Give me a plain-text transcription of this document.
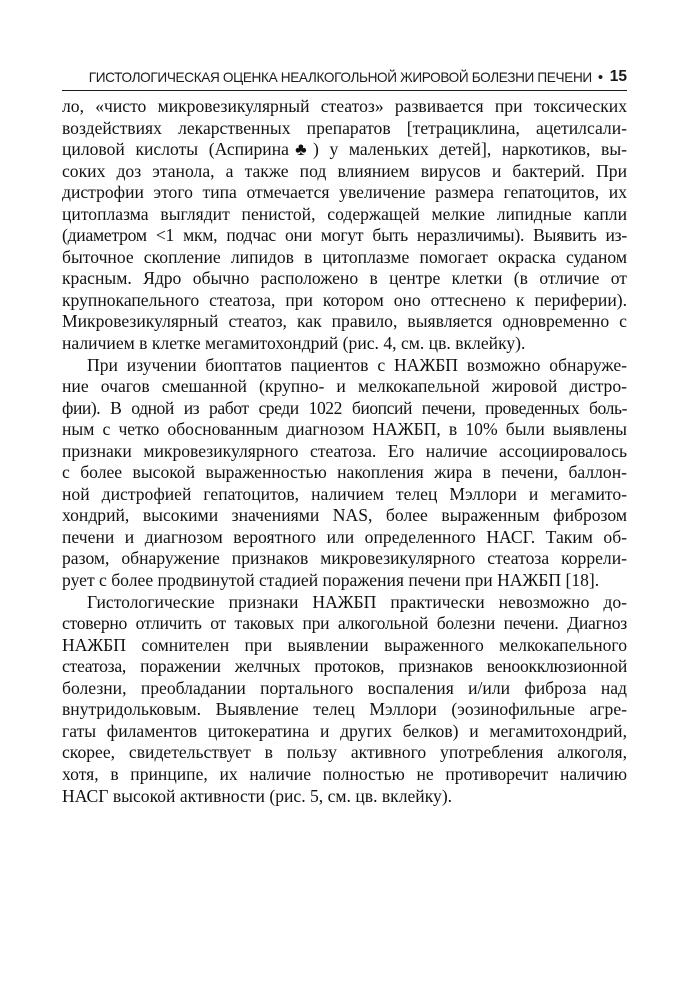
ГИСТОЛОГИЧЕСКАЯ ОЦЕНКА НЕАЛКОГОЛЬНОЙ ЖИРОВОЙ БОЛЕЗНИ ПЕЧЕНИ • 15
ло, «чисто микровезикулярный стеатоз» развивается при токсических
воздействиях лекарственных препаратов [тетрациклина, ацетилсали-
циловой кислоты (Аспирина♣) у маленьких детей], наркотиков, вы-
соких доз этанола, а также под влиянием вирусов и бактерий. При
дистрофии этого типа отмечается увеличение размера гепатоцитов, их
цитоплазма выглядит пенистой, содержащей мелкие липидные капли
(диаметром <1 мкм, подчас они могут быть неразличимы). Выявить из-
быточное скопление липидов в цитоплазме помогает окраска суданом
красным. Ядро обычно расположено в центре клетки (в отличие от
крупнокапельного стеатоза, при котором оно оттеснено к периферии).
Микровезикулярный стеатоз, как правило, выявляется одновременно с
наличием в клетке мегамитохондрий (рис. 4, см. цв. вклейку).
При изучении биоптатов пациентов с НАЖБП возможно обнаруже-
ние очагов смешанной (крупно- и мелкокапельной жировой дистро-
фии). В одной из работ среди 1022 биопсий печени, проведенных боль-
ным с четко обоснованным диагнозом НАЖБП, в 10% были выявлены
признаки микровезикулярного стеатоза. Его наличие ассоциировалось
с более высокой выраженностью накопления жира в печени, баллон-
ной дистрофией гепатоцитов, наличием телец Мэллори и мегамито-
хондрий, высокими значениями NAS, более выраженным фиброзом
печени и диагнозом вероятного или определенного НАСГ. Таким об-
разом, обнаружение признаков микровезикулярного стеатоза коррели-
рует с более продвинутой стадией поражения печени при НАЖБП [18].
Гистологические признаки НАЖБП практически невозможно до-
стоверно отличить от таковых при алкогольной болезни печени. Диагноз
НАЖБП сомнителен при выявлении выраженного мелкокапельного
стеатоза, поражении желчных протоков, признаков веноокклюзионной
болезни, преобладании портального воспаления и/или фиброза над
внутридольковым. Выявление телец Мэллори (эозинофильные агре-
гаты филаментов цитокератина и других белков) и мегамитохондрий,
скорее, свидетельствует в пользу активного употребления алкоголя,
хотя, в принципе, их наличие полностью не противоречит наличию
НАСГ высокой активности (рис. 5, см. цв. вклейку).
